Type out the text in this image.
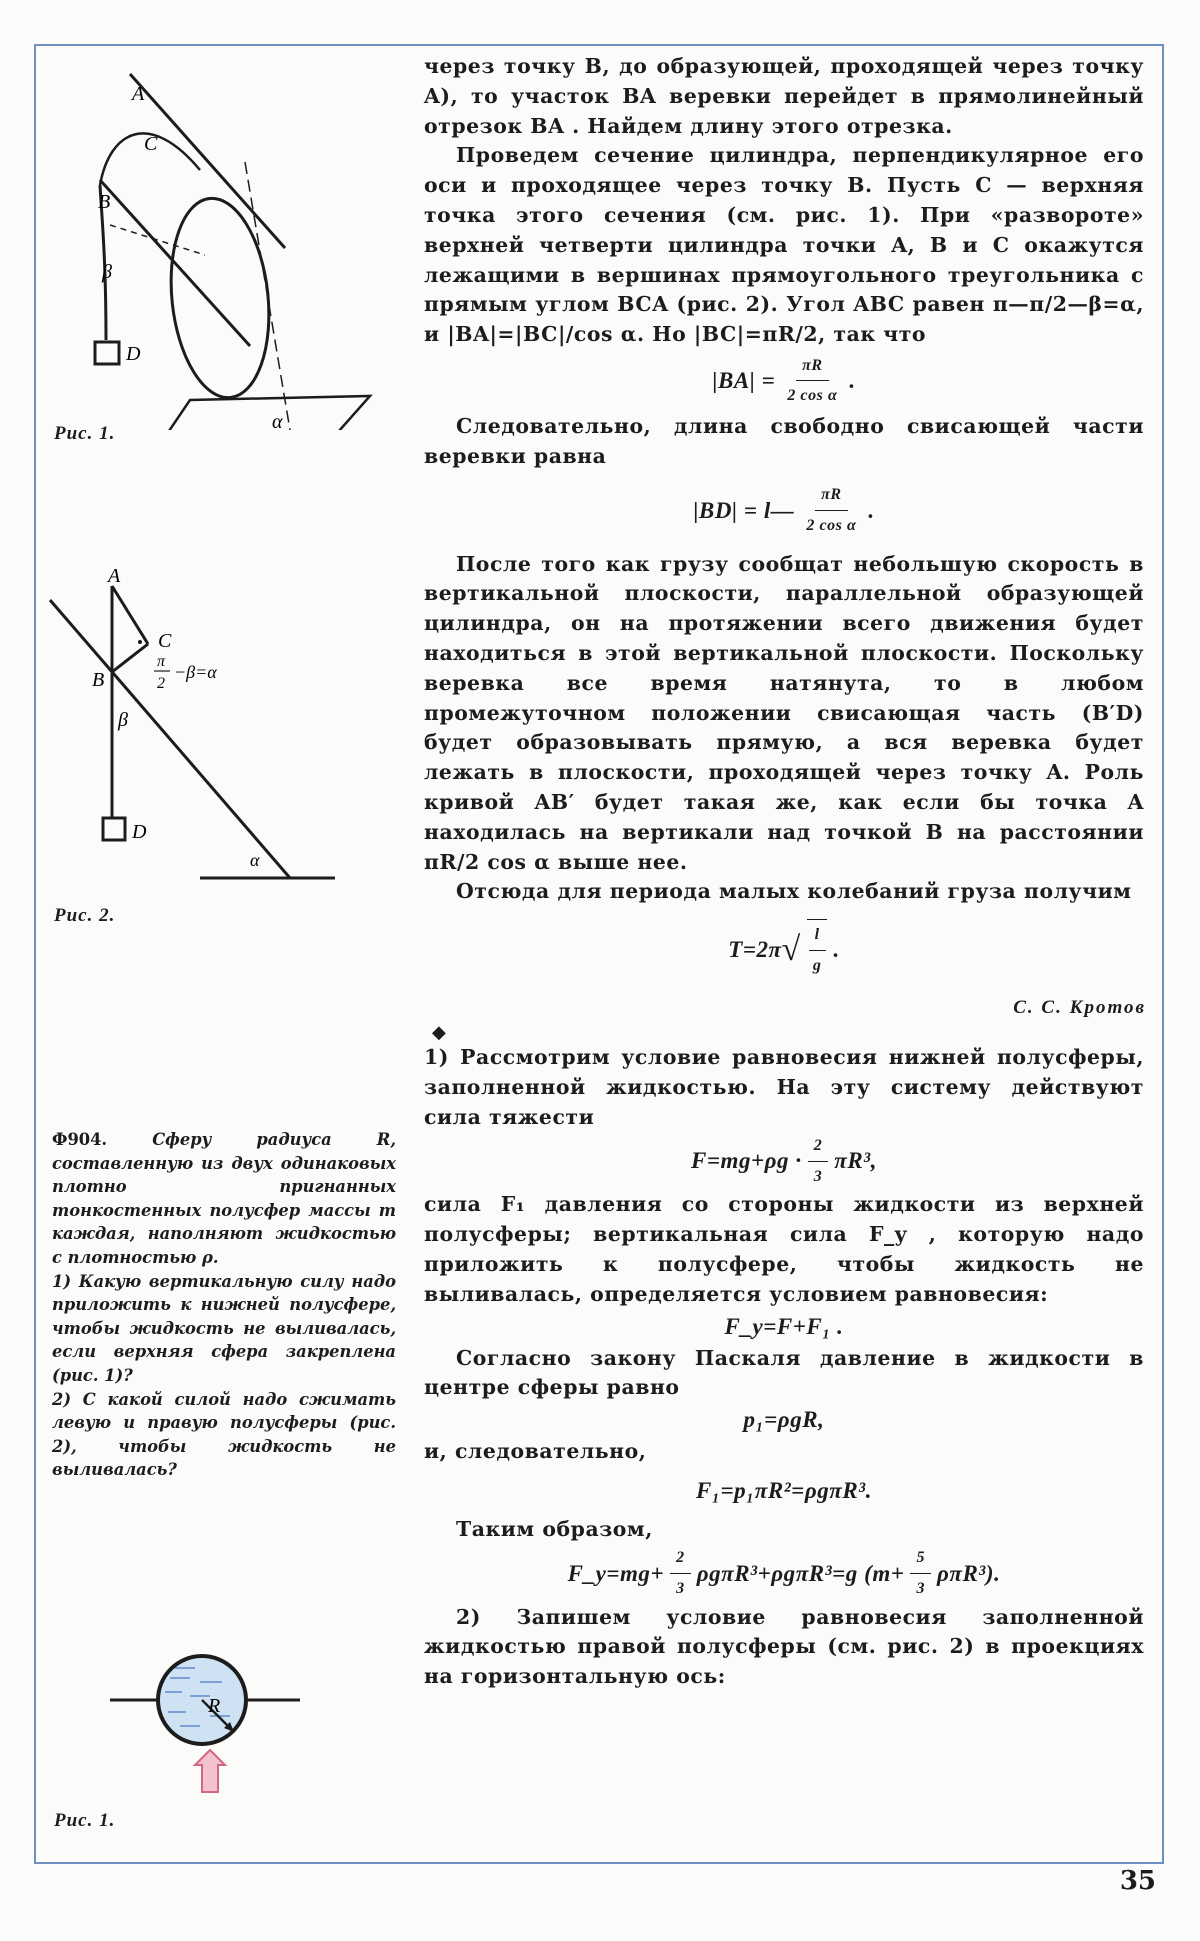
A
C
B
β
D
α
Рис. 1.
A
C
B
π
2
−β=α
β
D
α
Рис. 2.
Ф904.	Сферу радиуса R, составленную из двух одинаковых плотно пригнанных тонкостенных полусфер массы m каждая, наполняют жидкостью с плотностью ρ.
1) Какую вертикальную силу надо приложить к нижней полусфере, чтобы жидкость не выливалась, если верхняя сфера закреплена (рис. 1)?
2) С какой силой надо сжимать левую и правую полусферы (рис. 2), чтобы жидкость не выливалась?
R
Рис. 1.

через точку B, до образующей, проходящей через точку A), то участок BA веревки перейдет в прямолинейный отрезок BA . Найдем длину этого отрезка.

Проведем сечение цилиндра, перпендикулярное его оси и проходящее через точку B. Пусть C — верхняя точка этого сечения (см. рис. 1). При «развороте» верхней четверти цилиндра точки A, B и C окажутся лежащими в вершинах прямоугольного треугольника с прямым углом BCA (рис. 2). Угол ABC равен π—π/2—β=α, и |BA|=|BC|/cos α. Но |BC|=πR/2, так что

$|BA| = \frac{\pi R}{\text{2 cos α}}$ .

Следовательно, длина свободно свисающей части веревки равна

|BD| = l— $\frac{\pi R}{\text{2 cos α}}$ .

После того как грузу сообщат небольшую скорость в вертикальной плоскости, параллельной образующей цилиндра, он на протяжении всего движения будет находиться в этой вертикальной плоскости. Поскольку веревка все время натянута, то в любом промежуточном положении свисающая часть (B′D) будет образовывать прямую, а вся веревка будет лежать в плоскости, проходящей через точку A. Роль кривой AB′ будет такая же, как если бы точка A находилась на вертикали над точкой B на расстоянии πR/2 cos α выше нее.

Отсюда для периода малых колебаний груза получим

T=2π √ $\frac{l}{g}$ .
С. С. Кротов
◆

1) Рассмотрим условие равновесия нижней полусферы, заполненной жидкостью. На эту систему действуют сила тяжести

$F=mg+\rho g \cdot \frac{2}{3} \pi R^3$,

сила F₁ давления со стороны жидкости из верхней полусферы; вертикальная сила F_y , которую надо приложить к полусфере, чтобы жидкость не выливалась, определяется условием равновесия:

F_y=F+F₁ .

Согласно закону Паскаля давление в жидкости в центре сферы равно

p₁=ρgR,

и, следовательно,

F₁=p₁πR²=ρgπR³.

Таким образом,

F_y=mg+ $\frac{2}{3} \rho g\pi R^3+\rho g\pi R^3=g$ $(m+ \frac{5}{3} \rho\pi R^3)$.

2) Запишем условие равновесия заполненной жидкостью правой полусферы (см. рис. 2) в проекциях на горизонтальную ось:

35
